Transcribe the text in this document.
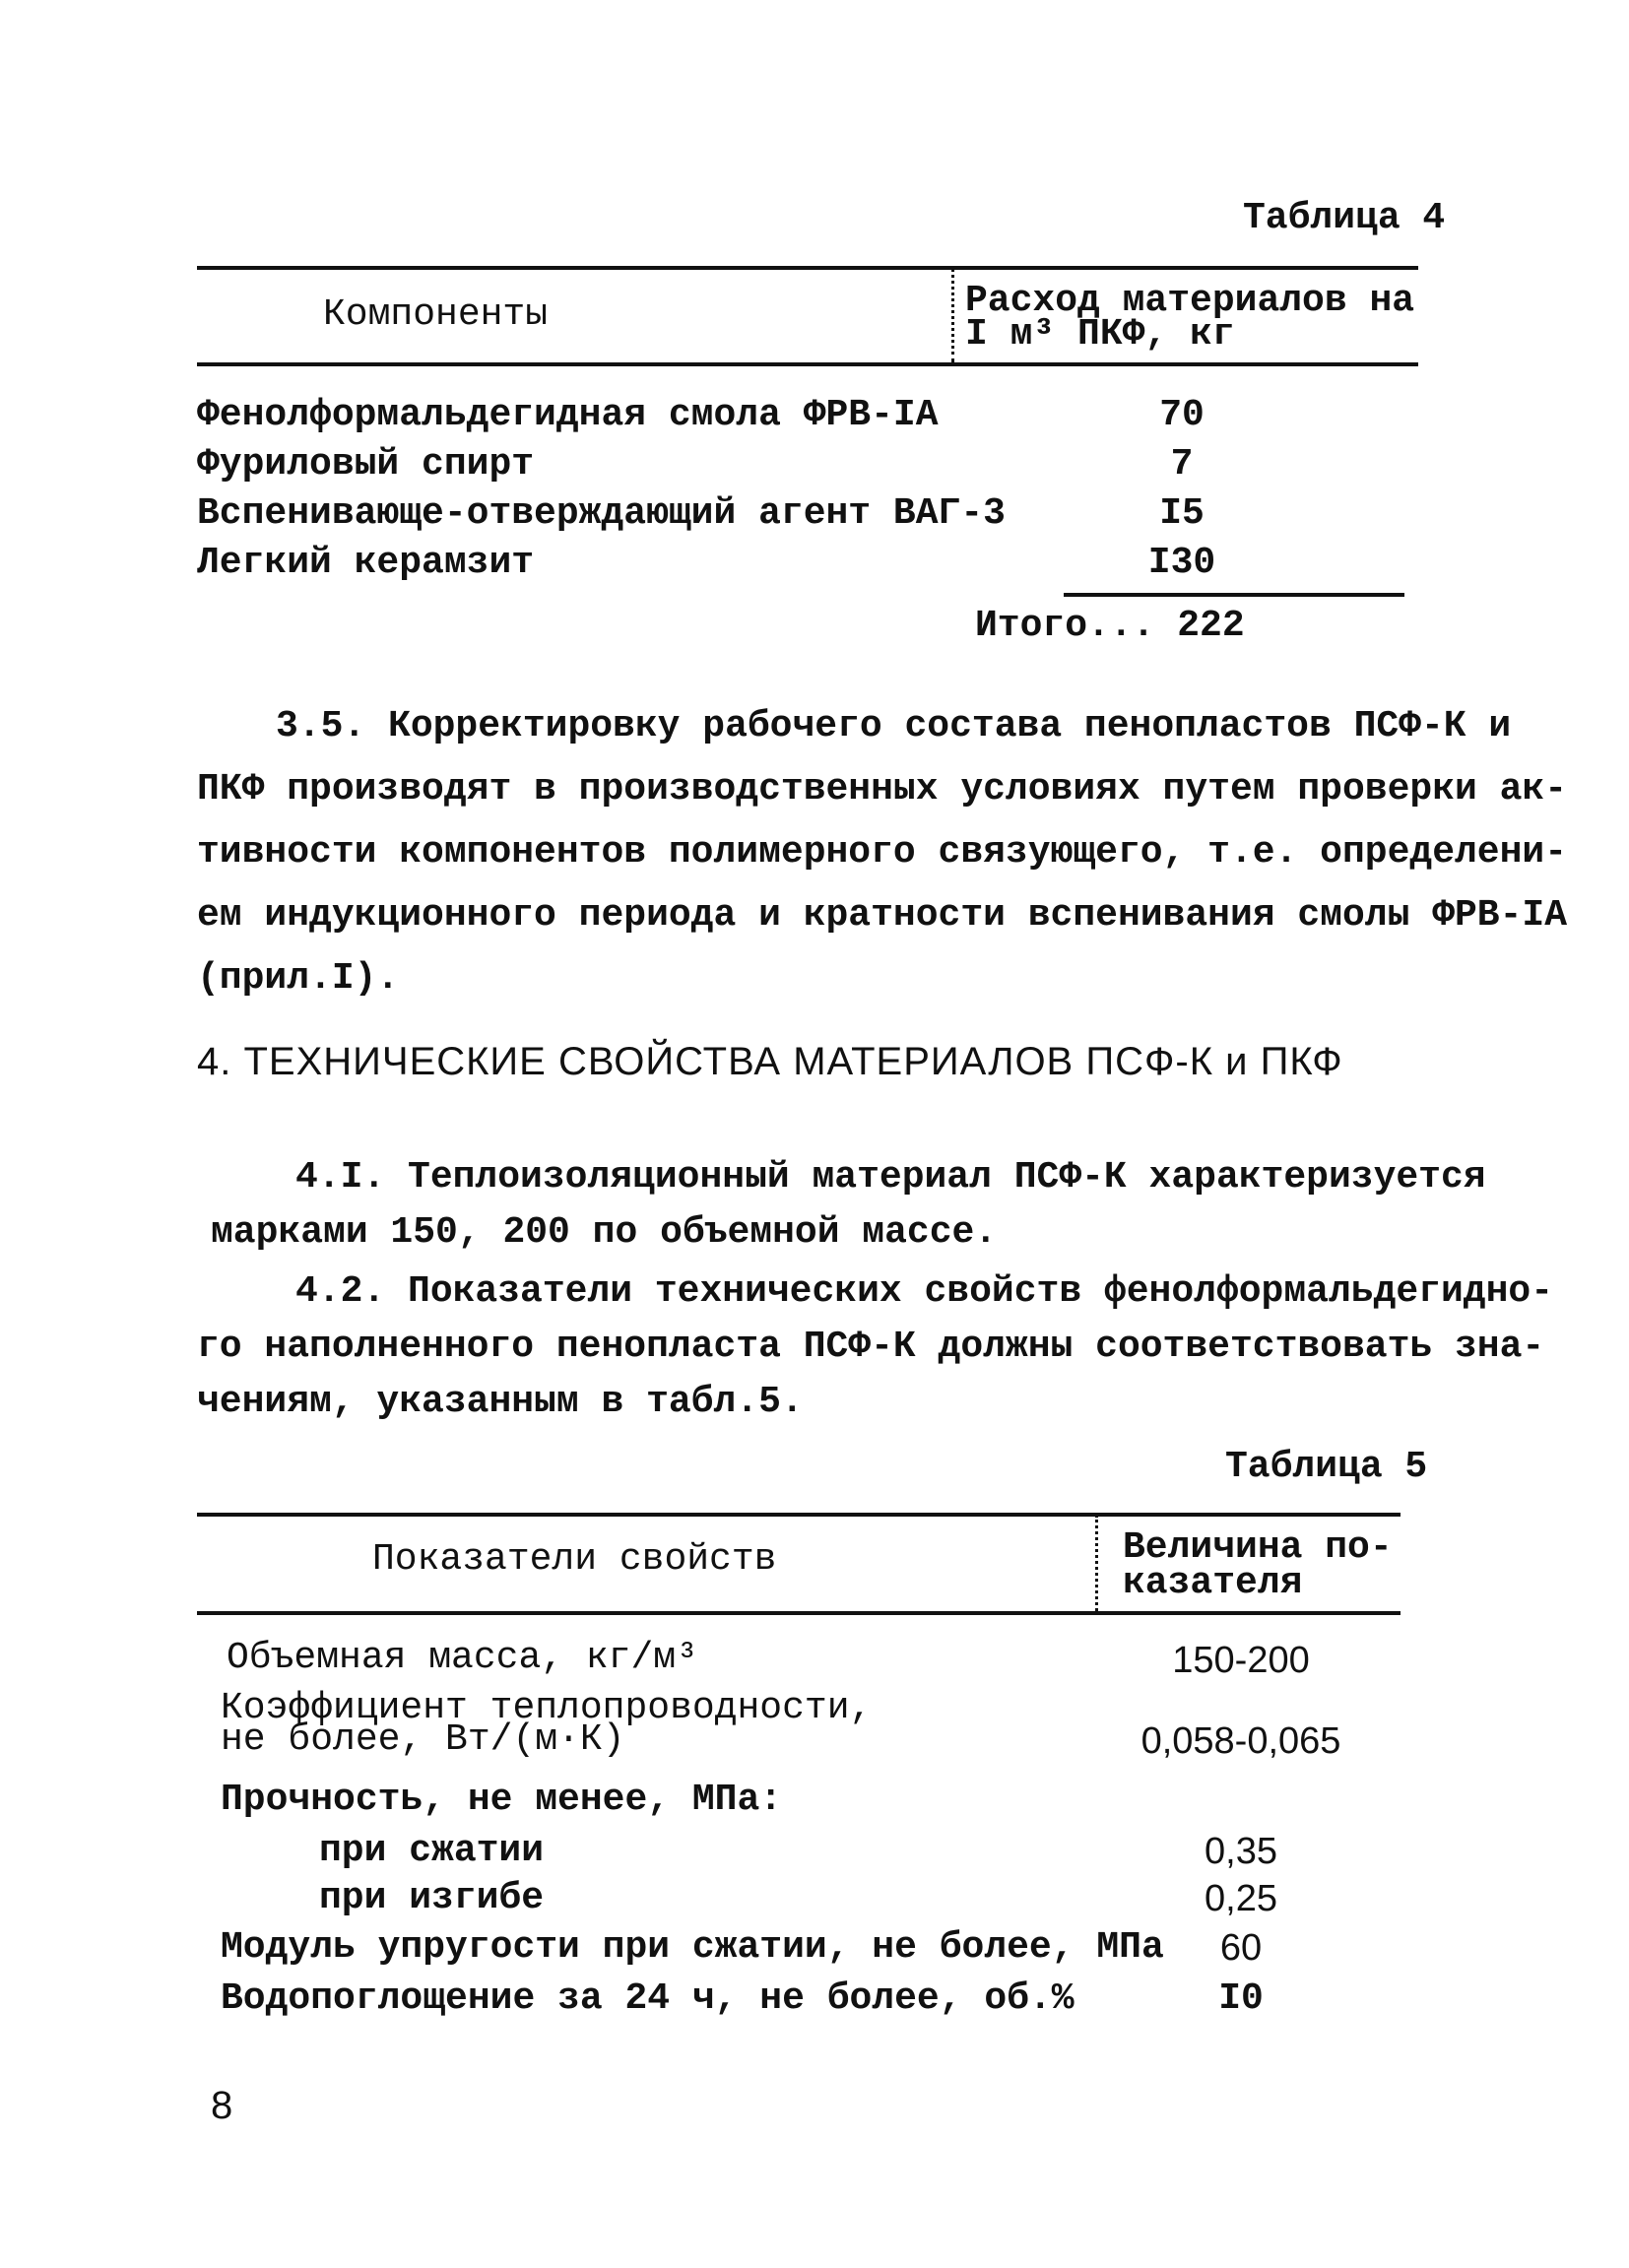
Таблица 4
Компоненты	Расход материалов на
I м³ ПКФ, кг
Фенолформальдегидная смола ФРВ-IA	70
Фуриловый спирт	7
Вспенивающе-отверждающий агент ВАГ-3	I5
Легкий керамзит	I30
Итого... 222
3.5. Корректировку рабочего состава пенопластов ПСФ-К и
ПКФ производят в производственных условиях путем проверки ак-
тивности компонентов полимерного связующего, т.е. определени-
ем индукционного периода и кратности вспенивания смолы ФРВ-IA
(прил.I).
4. ТЕХНИЧЕСКИЕ СВОЙСТВА МАТЕРИАЛОВ ПСФ-К и ПКФ
4.I. Теплоизоляционный материал ПСФ-К характеризуется
марками 150, 200 по объемной массе.
4.2. Показатели технических свойств фенолформальдегидно-
го наполненного пенопласта ПСФ-К должны соответствовать зна-
чениям, указанным в табл.5.
Таблица 5
Показатели свойств	Величина по-
казателя
Объемная масса, кг/м³	150-200
Коэффициент теплопроводности,
не более, Вт/(м·К)	0,058-0,065
Прочность, не менее, МПа:
при сжатии	0,35
при изгибе	0,25
Модуль упругости при сжатии, не более, МПа	60
Водопоглощение за 24 ч, не более, об.%	I0
8
